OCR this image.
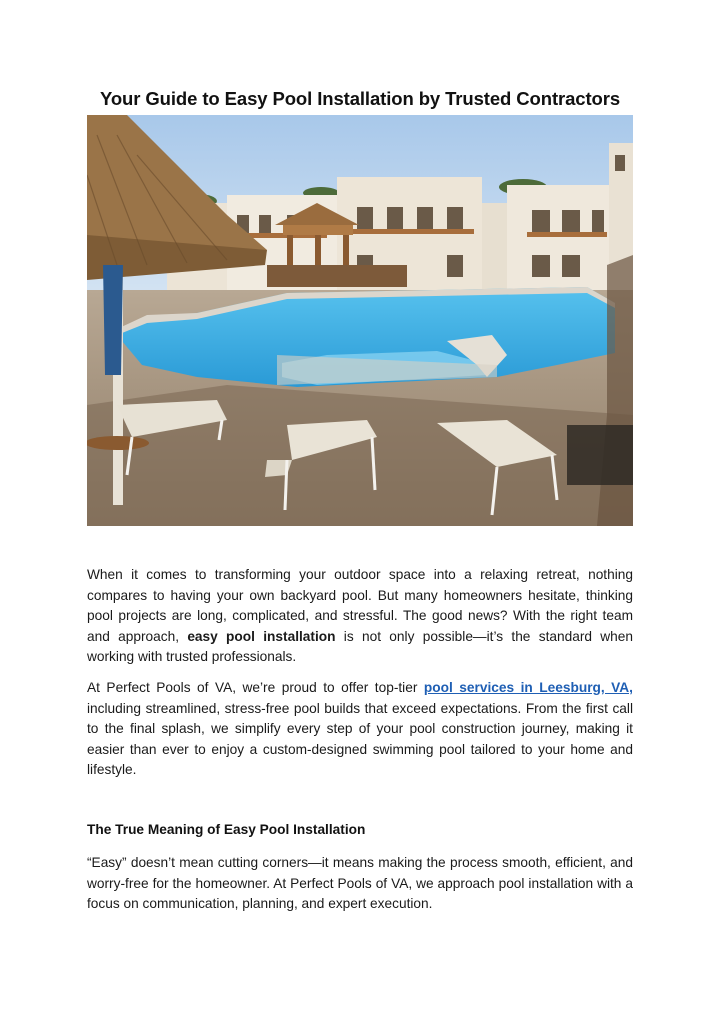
Your Guide to Easy Pool Installation by Trusted Contractors

When it comes to transforming your outdoor space into a relaxing retreat, nothing compares to having your own backyard pool. But many homeowners hesitate, thinking pool projects are long, complicated, and stressful. The good news? With the right team and approach, easy pool installation is not only possible—it’s the standard when working with trusted professionals.

At Perfect Pools of VA, we’re proud to offer top-tier pool services in Leesburg, VA, including streamlined, stress-free pool builds that exceed expectations. From the first call to the final splash, we simplify every step of your pool construction journey, making it easier than ever to enjoy a custom-designed swimming pool tailored to your home and lifestyle.

The True Meaning of Easy Pool Installation

“Easy” doesn’t mean cutting corners—it means making the process smooth, efficient, and worry-free for the homeowner. At Perfect Pools of VA, we approach pool installation with a focus on communication, planning, and expert execution.
